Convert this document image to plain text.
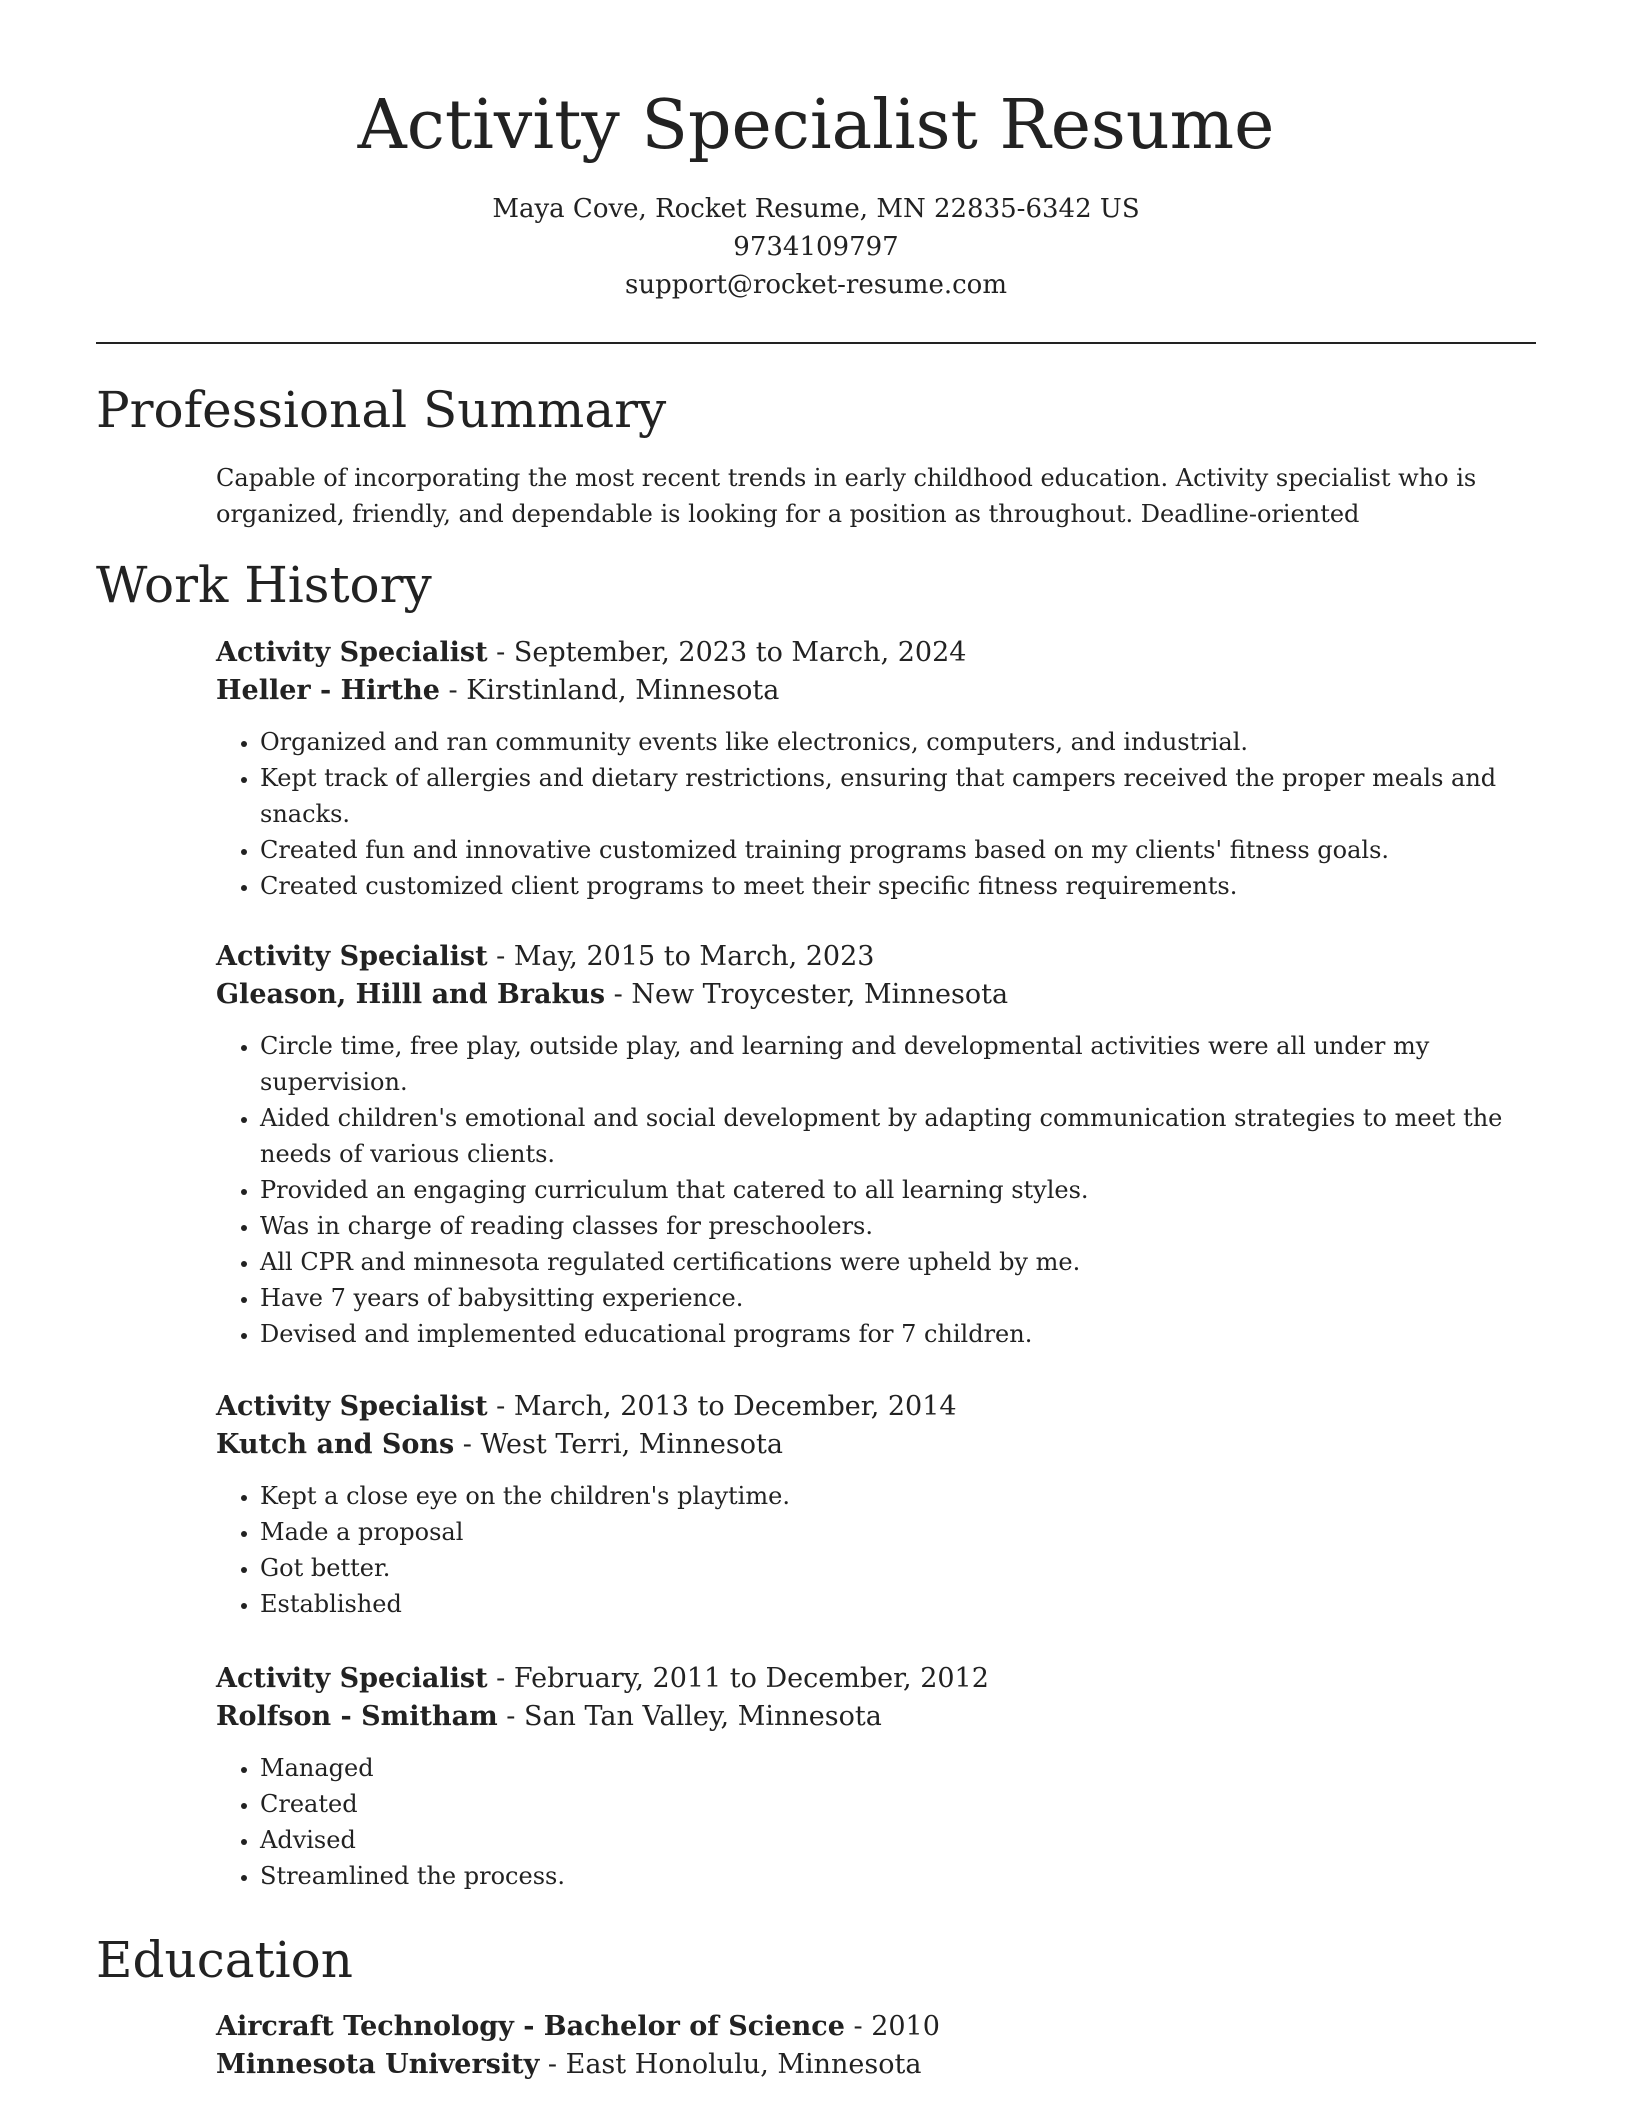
Activity Specialist Resume
Maya Cove, Rocket Resume, MN 22835-6342 US
9734109797
support@rocket-resume.com
Professional Summary
Capable of incorporating the most recent trends in early childhood education. Activity specialist who is organized, friendly, and dependable is looking for a position as throughout. Deadline-oriented
Work History

Activity Specialist - September, 2023 to March, 2024

Heller - Hirthe - Kirstinland, Minnesota

• Organized and ran community events like electronics, computers, and industrial.
• Kept track of allergies and dietary restrictions, ensuring that campers received the proper meals and snacks.
• Created fun and innovative customized training programs based on my clients' fitness goals.
• Created customized client programs to meet their specific fitness requirements.

Activity Specialist - May, 2015 to March, 2023

Gleason, Hilll and Brakus - New Troycester, Minnesota

• Circle time, free play, outside play, and learning and developmental activities were all under my supervision.
• Aided children's emotional and social development by adapting communication strategies to meet the needs of various clients.
• Provided an engaging curriculum that catered to all learning styles.
• Was in charge of reading classes for preschoolers.
• All CPR and minnesota regulated certifications were upheld by me.
• Have 7 years of babysitting experience.
• Devised and implemented educational programs for 7 children.

Activity Specialist - March, 2013 to December, 2014

Kutch and Sons - West Terri, Minnesota

• Kept a close eye on the children's playtime.
• Made a proposal
• Got better.
• Established

Activity Specialist - February, 2011 to December, 2012

Rolfson - Smitham - San Tan Valley, Minnesota

• Managed
• Created
• Advised
• Streamlined the process.
Education

Aircraft Technology - Bachelor of Science - 2010

Minnesota University - East Honolulu, Minnesota
